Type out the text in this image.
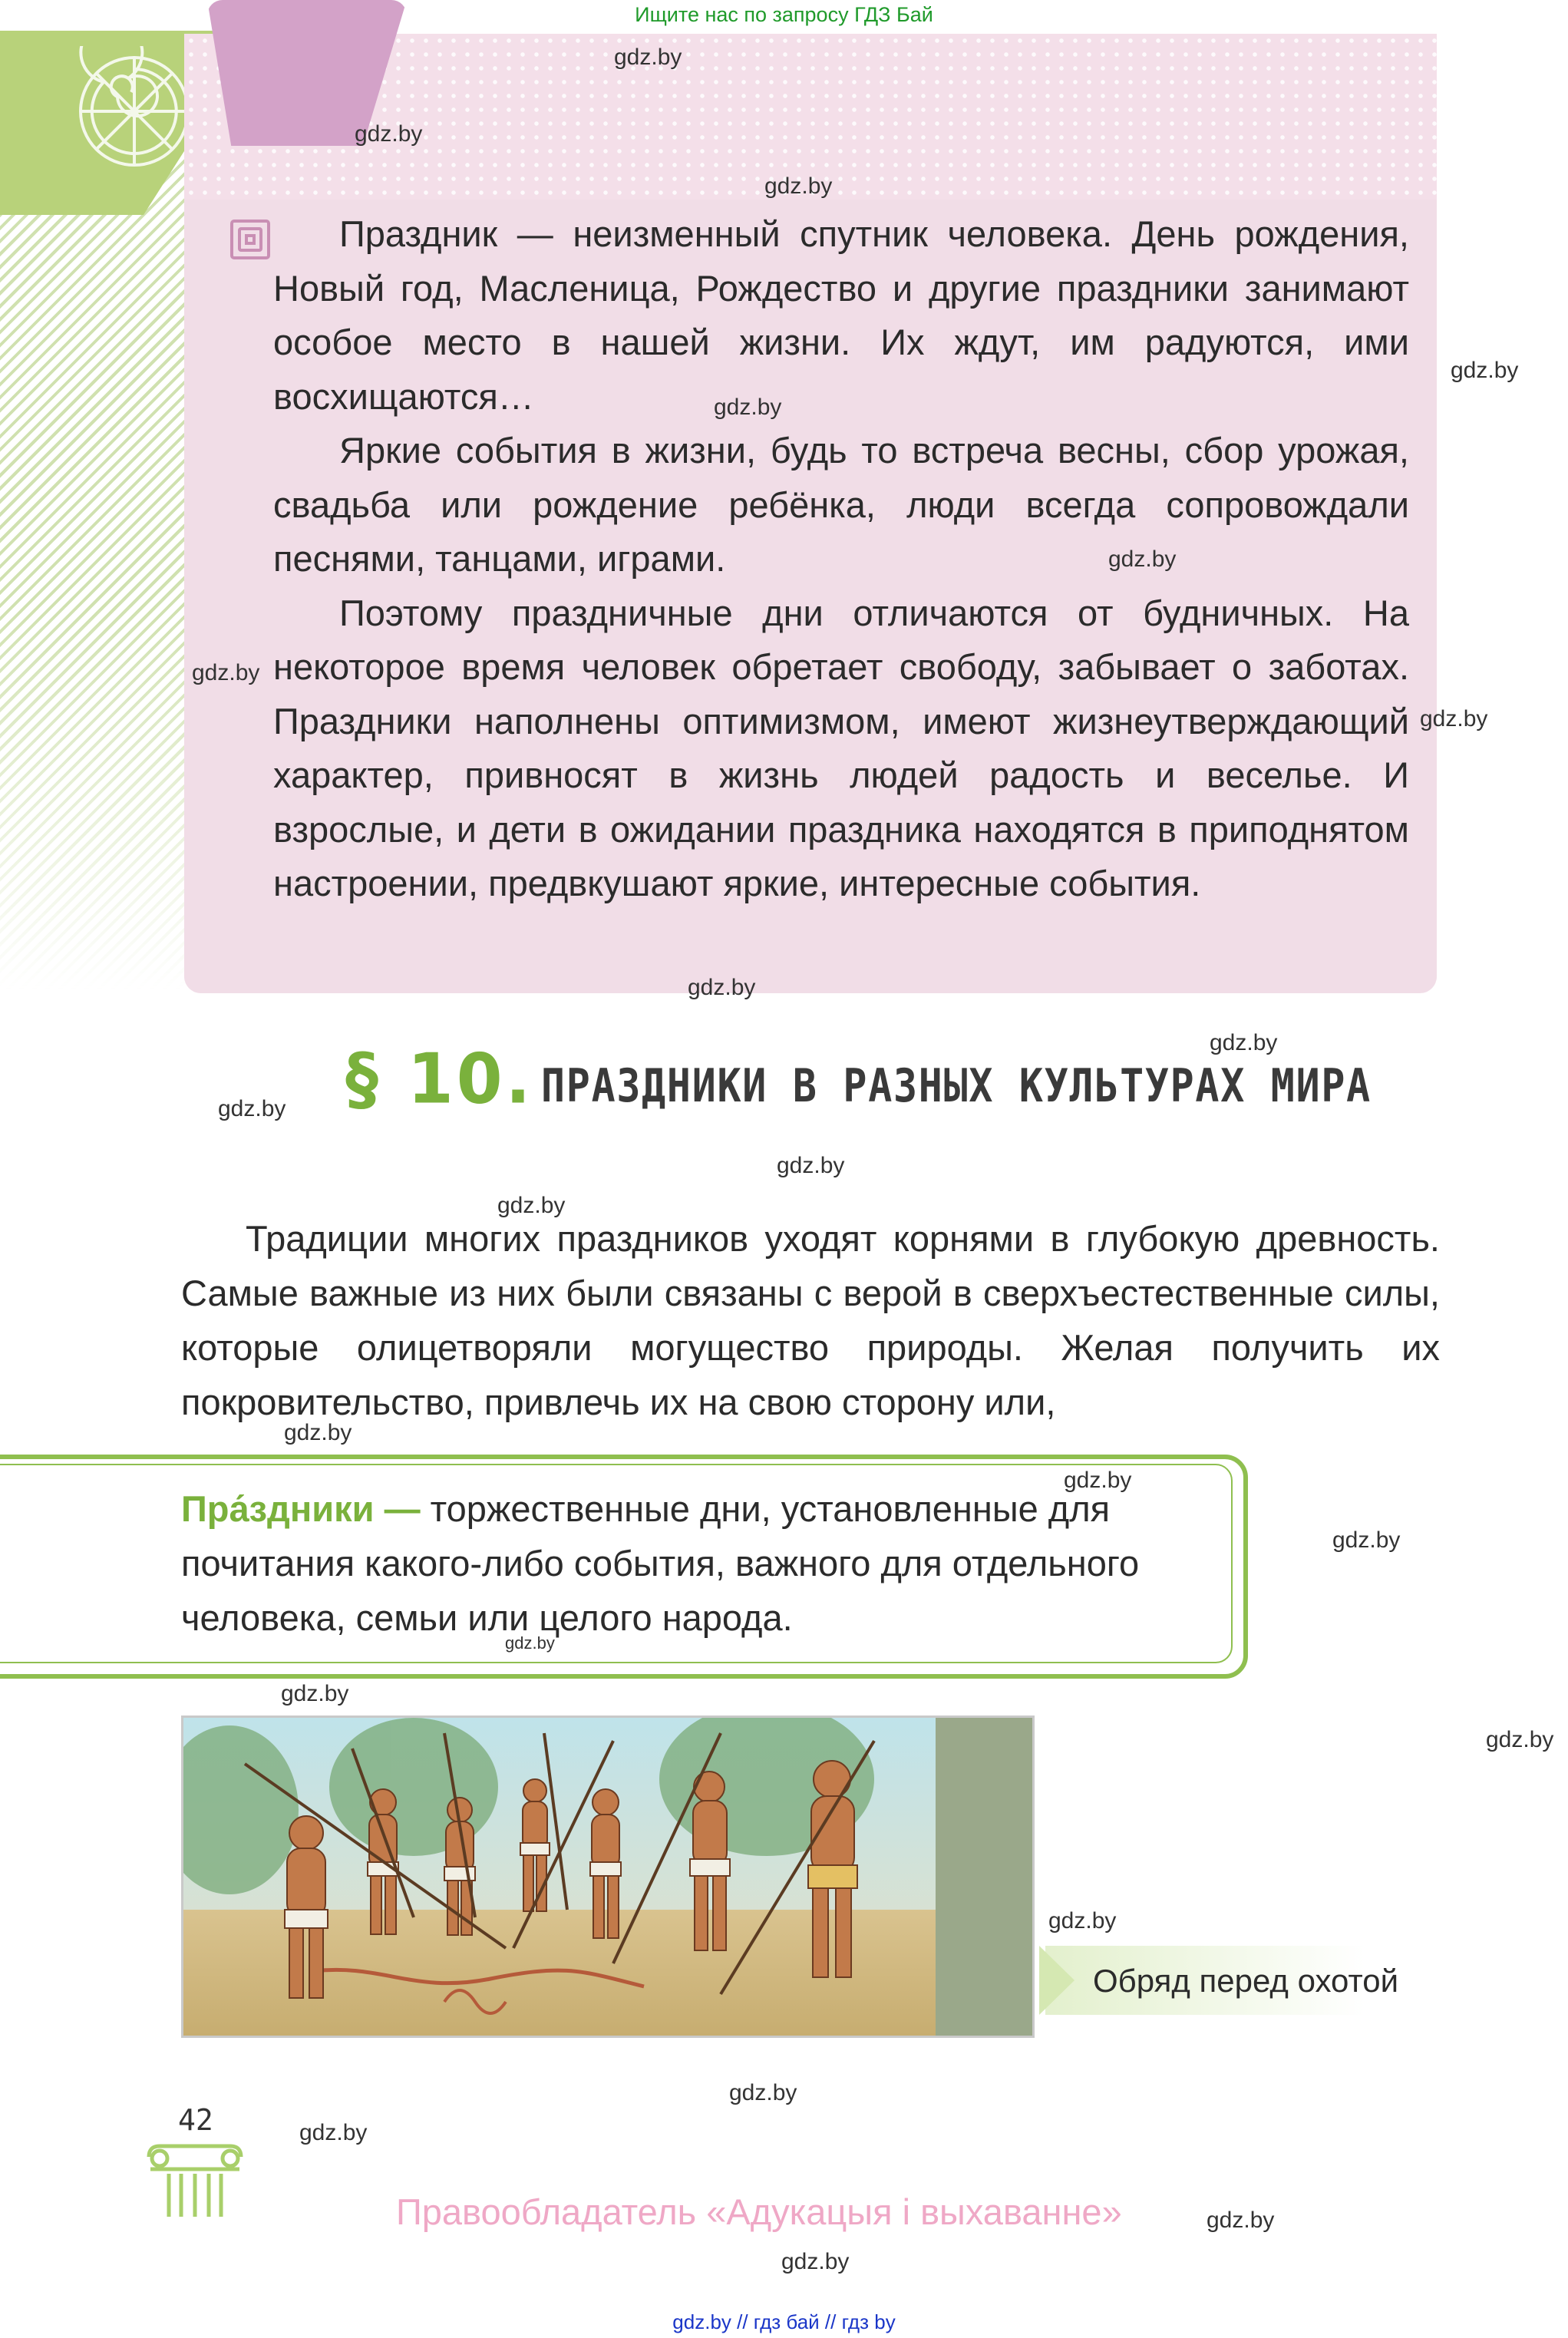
Ищите нас по запросу ГДЗ Бай

Праздник — неизменный спутник человека. День рождения, Новый год, Масленица, Рождество и другие праздники занимают особое место в нашей жизни. Их ждут, им радуются, ими восхищаются…

Яркие события в жизни, будь то встреча весны, сбор урожая, свадьба или рождение ребёнка, люди всегда сопровождали песнями, танцами, играми.

Поэтому праздничные дни отличаются от будничных. На некоторое время человек обретает свободу, забывает о заботах. Праздники наполнены оптимизмом, имеют жизнеутверждающий характер, привносят в жизнь людей радость и веселье. И взрослые, и дети в ожидании праздника находятся в приподнятом настроении, предвкушают яркие, интересные события.

§ 10. ПРАЗДНИКИ В РАЗНЫХ КУЛЬТУРАХ МИРА

Традиции многих праздников уходят корнями в глубокую древность. Самые важные из них были связаны с верой в сверхъестественные силы, которые олицетворяли могущество природы. Желая получить их покровительство, привлечь их на свою сторону или,

Пра́здники — торжественные дни, установленные для почитания какого-либо события, важного для отдельного человека, семьи или целого народа.
Обряд перед охотой
42
Правообладатель «Адукацыя і выхаванне»
gdz.by // гдз бай // гдз by
gdz.by
gdz.by
gdz.by
gdz.by
gdz.by
gdz.by
gdz.by
gdz.by
gdz.by
gdz.by
gdz.by
gdz.by
gdz.by
gdz.by
gdz.by
gdz.by
gdz.by
gdz.by
gdz.by
gdz.by
gdz.by
gdz.by
gdz.by
gdz.by
